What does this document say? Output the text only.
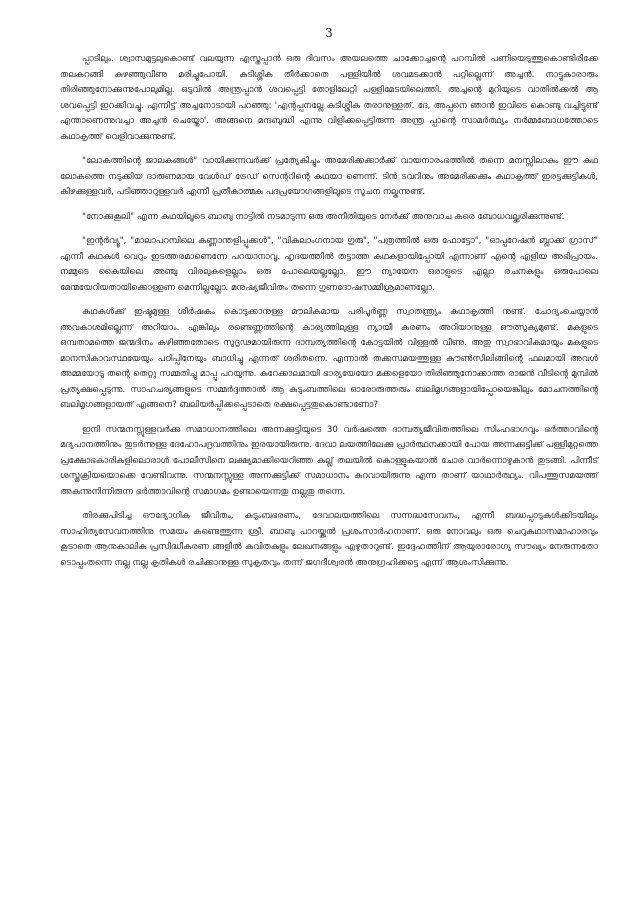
3

പ്പാടിലും. ശ്വാസമുട്ടലുകൊണ്ട് വലയുന്ന എസ്തപ്പാൻ ഒരു ദിവസം അയലത്തെ ചാക്കോച്ചന്റെ പറമ്പിൽ പണിയെടുത്തുകൊണ്ടിരിക്കേ തലകറങ്ങി കുഴഞ്ഞുവീണു മരിച്ചുപോയി. കുടിശ്ശിക തീർക്കാതെ പള്ളിയിൽ ശവമടക്കാൻ പറ്റില്ലെന്ന് അച്ചൻ. നാട്ടുകാരാരും തിരിഞ്ഞുനോക്കുന്നുപോലുമില്ല. ഒടുവിൽ അന്ത്രപ്പാൻ ശവപ്പെട്ടി തോളിലേറ്റി പള്ളിമേടയിലെത്തി. അച്ചന്റെ മുറിയുടെ വാതിൽക്കൽ ആ ശവപ്പെട്ടി ഇറക്കിവച്ചു. എന്നിട്ട് അച്ചനോടായി പറഞ്ഞു: 'എന്റപ്പനല്ലേ കുടിശ്ശിക തരാനുള്ളത്. ദേ, അപ്പനെ ഞാൻ ഇവിടെ കൊണ്ടു വച്ചിട്ടുണ്ട് എന്താണെന്നുവച്ചാ അച്ചൻ ചെയ്തോ'. അങ്ങനെ മന്ദബുദ്ധി എന്നു വിളിക്കപ്പെട്ടിരുന്ന അന്ത്ര പ്പാന്റെ സാമർത്ഥ്യം നർമ്മബോധത്തോടെ കഥാകൃത്ത് വെളിവാക്കുന്നുണ്ട്.

"ലോകത്തിന്റെ ജാലകങ്ങൾ" വായിക്കുന്നവർക്ക് പ്രത്യേകിച്ചും അമേരിക്കക്കാർക്ക് വായനാരംഭത്തിൽ തന്നെ മനസ്സിലാകും ഈ കഥ ലോകത്തെ നടുക്കിയ ദാരുണമായ വേൾഡ് ട്രേഡ് സെന്ററിന്റെ കഥയാ ണെന്ന്. ടിൻ ടവറിനും അമേരിക്കക്കും കഥാകൃത്ത് ഇരട്ടക്കുട്ടികൾ, കിഴക്കുള്ളവർ, പടിഞ്ഞാറുള്ളവർ എന്നീ പ്രതീകാത്മക പദപ്രയോഗങ്ങളിലൂടെ സൂചന നല്കുന്നുണ്ട്.

"നോക്കുകൂലി" എന്ന കഥയിലൂടെ ബാബു നാട്ടിൽ നടമാടുന്ന ഒരു അനീതിയുടെ നേർക്ക് അനുവാച കരെ ബോധവല്ക്കരിക്കുന്നുണ്ട്.

"ഇന്റർവ്യൂ", "മാലാപറമ്പിലെ കണ്ണാന്തളിപ്പൂക്കൾ", "വികലാംഗനായ ഗുരു", "പത്രത്തിൽ ഒരു ഫോട്ടോ", "ഓപ്പറേഷൻ ബ്ലാക്ക് ഗ്രാസ്" എന്നീ കഥകൾ വെറും ഇടത്തരമാണെന്നേ പറയാനാവൂ. ഹൃദയത്തിൽ തട്ടാത്ത കഥകളായിപ്പോയി എന്നാണ് എന്റെ എളിയ അഭിപ്രായം. നമ്മുടെ കൈയിലെ അഞ്ചു വിരലുകളെല്ലാം ഒരു പോലെയല്ലല്ലോ. ഈ ന്യായേന ഒരാളുടെ എല്ലാ രചനകളും ഒരുപോലെ മേന്മയേറിയതായിക്കൊള്ളണ മെന്നില്ലല്ലോ. മനുഷ്യജീവിതം തന്നെ ഗുണദോഷസമ്മിശ്രമാണല്ലോ.

കഥകൾക്ക് ഇഷ്ടമുള്ള ശീർഷകം കൊടുക്കാനുള്ള മൗലികമായ പരിപൂർണ്ണ സ്വാതന്ത്ര്യം കഥാകൃത്തി നുണ്ട്. ചോദ്യംചെയ്യാൻ അവകാശമില്ലെന്ന് അറിയാം. എങ്കിലും രണ്ടെണ്ണത്തിന്റെ കാര്യത്തിലുള്ള ന്യായീ കരണം അറിയാനുള്ള ഔത്സുക്യമുണ്ട്. മകളുടെ ഒമ്പതാമത്തെ ജന്മദിനം കഴിഞ്ഞതോടെ സുദൃഢമായിരുന്ന ദാമ്പത്യത്തിന്റെ കോട്ടയിൽ വിള്ളൽ വീണു. അതു സ്വാഭാവികമായും മകളുടെ മാനസികാവസ്ഥയേയും പഠിപ്പിനേയും ബാധിച്ചു എന്നത് ശരിതന്നെ. എന്നാൽ തക്കസമയത്തുള്ള കൗൺസിലിങ്ങിന്റെ ഫലമായി അവൾ അമ്മയോടു തന്റെ തെറ്റു സമ്മതിച്ചു മാപ്പു പറയുന്നു. കുറേക്കാലമായി ഭാര്യയേയോ മക്കളെയോ തിരിഞ്ഞുനോക്കാത്ത രാജൻ വീടിന്റെ മുമ്പിൽ പ്രത്യക്ഷപ്പെടുന്നു. സാഹചര്യങ്ങളുടെ സമ്മർദ്ദത്താൽ ആ കുടുംബത്തിലെ ഓരോരുത്തരും ബലിമൃഗങ്ങളായിപ്പോയെങ്കിലും മോചനത്തിന്റെ ബലിമൃഗങ്ങളായത് എങ്ങനെ? ബലിയർപ്പിക്കപ്പെടാതെ രക്ഷപ്പെട്ടതുകൊണ്ടാണോ?

ഇനി സന്മനസ്സുള്ളവർക്കു സമാധാനത്തിലെ അന്നക്കുട്ടിയുടെ 30 വർഷത്തെ ദാമ്പത്യജീവിതത്തിലെ സിംഹഭാഗവും ഭർത്താവിന്റെ മദ്യപാനത്തിനും തുടർന്നുള്ള ദേഹോപദ്രവത്തിനും ഇരയായിരുന്നു. ദേവാ ലയത്തിലേക്കു പ്രാർത്ഥനക്കായി പോയ അന്നക്കുട്ടിക്ക് പള്ളിമുറ്റത്തെ പ്രക്ഷോഭകാരികളിലൊരാൾ പോലീസിനെ ലക്ഷ്യമാക്കിയെറിഞ്ഞ കല്ല് തലയിൽ കൊള്ളുകയാൽ ചോര വാർന്നൊഴുകാൻ തുടങ്ങി. പിന്നീട് ശസ്ത്രക്രിയയൊക്കെ വേണ്ടിവന്നു. സന്മനസ്സുള്ള അന്നക്കുട്ടിക്ക് സമാധാനം കുറവായിരുന്നു എന്ന താണ് യാഥാർത്ഥ്യം. വിപത്തുസമയത്ത് അകന്നുനിന്നിരുന്ന ഭർത്താവിന്റെ സമാഗമം ഉണ്ടായെന്നതു നല്ലതു തന്നെ.

തിരക്കുപിടിച്ച ഔദ്യോഗിക ജീവിതം, കുടുംബഭരണം, ദേവാലയത്തിലെ സന്നദ്ധസേവനം, എന്നീ ബദ്ധപ്പാടുകൾക്കിടയിലും സാഹിത്യസേവനത്തിനു സമയം കണ്ടെത്തുന്ന ശ്രീ. ബാബു പാറയ്ക്കൽ പ്രശംസാർഹനാണ്. ഒരു നോവലും ഒരു ചെറുകഥാസമാഹാരവും കൂടാതെ ആനുകാലിക പ്രസിദ്ധീകരണ ങ്ങളിൽ കവിതകളും ലേഖനങ്ങളും എഴുതാറുണ്ട്. ഇദ്ദേഹത്തിന് ആയുരാരോഗ്യ സൗഖ്യം നേരുന്നതോ ടൊപ്പംതന്നെ നല്ല നല്ല കൃതികൾ രചിക്കാനുള്ള സുകൃതവും തന്ന് ജഗദീശ്വരൻ അനുഗ്രഹിക്കട്ടെ എന്ന് ആശംസിക്കുന്നു.
